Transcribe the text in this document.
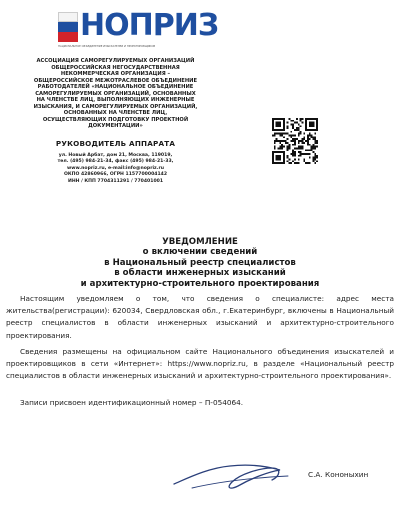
НОПРИЗ
НАЦИОНАЛЬНОЕ ОБЪЕДИНЕНИЕ ИЗЫСКАТЕЛЕЙ И ПРОЕКТИРОВЩИКОВ
АССОЦИАЦИЯ САМОРЕГУЛИРУЕМЫХ ОРГАНИЗАЦИЙ
ОБЩЕРОССИЙСКАЯ НЕГОСУДАРСТВЕННАЯ
НЕКОММЕРЧЕСКАЯ ОРГАНИЗАЦИЯ –
ОБЩЕРОССИЙСКОЕ МЕЖОТРАСЛЕВОЕ ОБЪЕДИНЕНИЕ
РАБОТОДАТЕЛЕЙ «НАЦИОНАЛЬНОЕ ОБЪЕДИНЕНИЕ
САМОРЕГУЛИРУЕМЫХ ОРГАНИЗАЦИЙ, ОСНОВАННЫХ
НА ЧЛЕНСТВЕ ЛИЦ, ВЫПОЛНЯЮЩИХ ИНЖЕНЕРНЫЕ
ИЗЫСКАНИЯ, И САМОРЕГУЛИРУЕМЫХ ОРГАНИЗАЦИЙ,
ОСНОВАННЫХ НА ЧЛЕНСТВЕ ЛИЦ,
ОСУЩЕСТВЛЯЮЩИХ ПОДГОТОВКУ ПРОЕКТНОЙ
ДОКУМЕНТАЦИИ»
РУКОВОДИТЕЛЬ АППАРАТА
ул. Новый Арбат, дом 21, Москва, 119019,
тел. (495) 984-21-34, факс (495) 984-21-33,
www.nopriz.ru, e-mail:info@nopriz.ru
ОКПО 42860966, ОГРН 1157700004142
ИНН / КПП 7704311291 / 770401001
УВЕДОМЛЕНИЕ
о включении сведений
в Национальный реестр специалистов
в области инженерных изысканий
и архитектурно-строительного проектирования
Настоящим уведомляем о том, что сведения о специалисте: адрес места жительства(регистрации): 620034, Свердловская обл., г.Екатеринбург, включены в Национальный реестр специалистов в области инженерных изысканий и архитектурно-строительного проектирования.
Сведения размещены на официальном сайте Национального объединения изыскателей и проектировщиков в сети «Интернет»: https://www.nopriz.ru, в разделе «Национальный реестр специалистов в области инженерных изысканий и архитектурно-строительного проектирования».
Записи присвоен идентификационный номер – П-054064.
С.А. Кононыхин
